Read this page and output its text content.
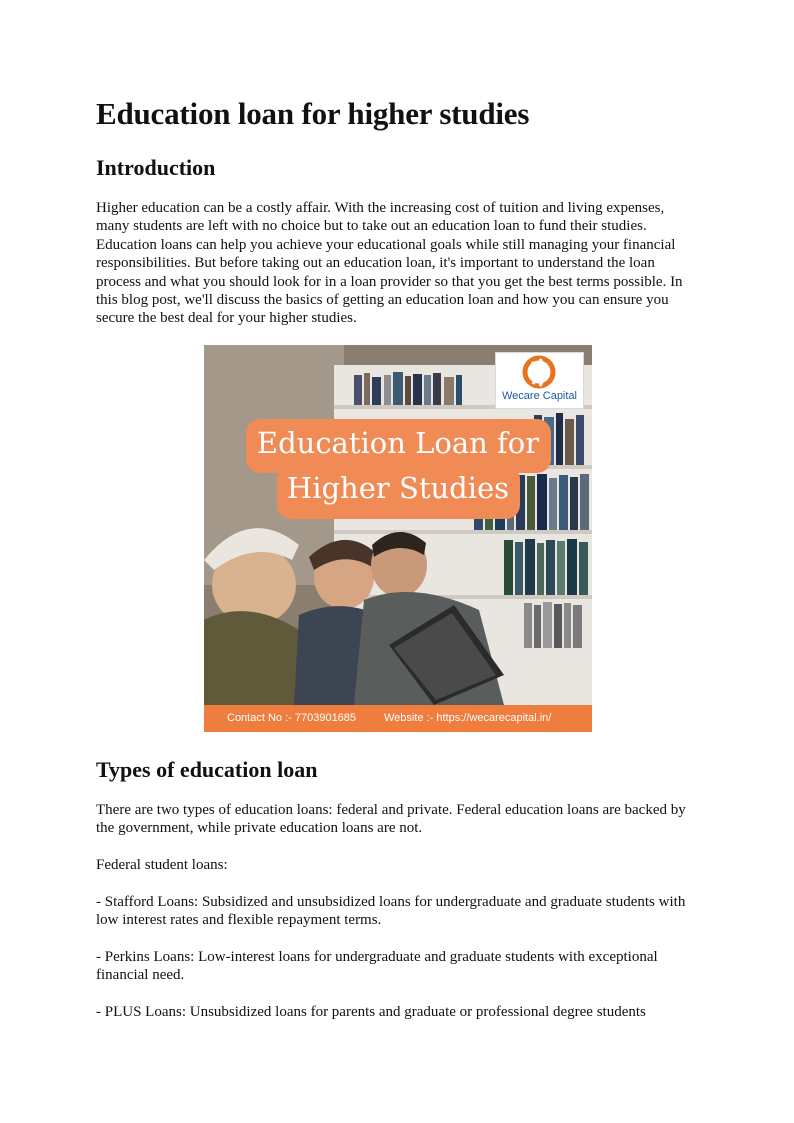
Education loan for higher studies
Introduction

Higher education can be a costly affair. With the increasing cost of tuition and living expenses, many students are left with no choice but to take out an education loan to fund their studies. Education loans can help you achieve your educational goals while still managing your financial responsibilities. But before taking out an education loan, it's important to understand the loan process and what you should look for in a loan provider so that you get the best terms possible. In this blog post, we'll discuss the basics of getting an education loan and how you can ensure you secure the best deal for your higher studies.

Wecare Capital
Education Loan for
Higher Studies
Contact No :- 7703901685	Website :- https://wecarecapital.in/
Types of education loan

There are two types of education loans: federal and private. Federal education loans are backed by the government, while private education loans are not.

Federal student loans:

- Stafford Loans: Subsidized and unsubsidized loans for undergraduate and graduate students with low interest rates and flexible repayment terms.

- Perkins Loans: Low-interest loans for undergraduate and graduate students with exceptional financial need.

- PLUS Loans: Unsubsidized loans for parents and graduate or professional degree students
